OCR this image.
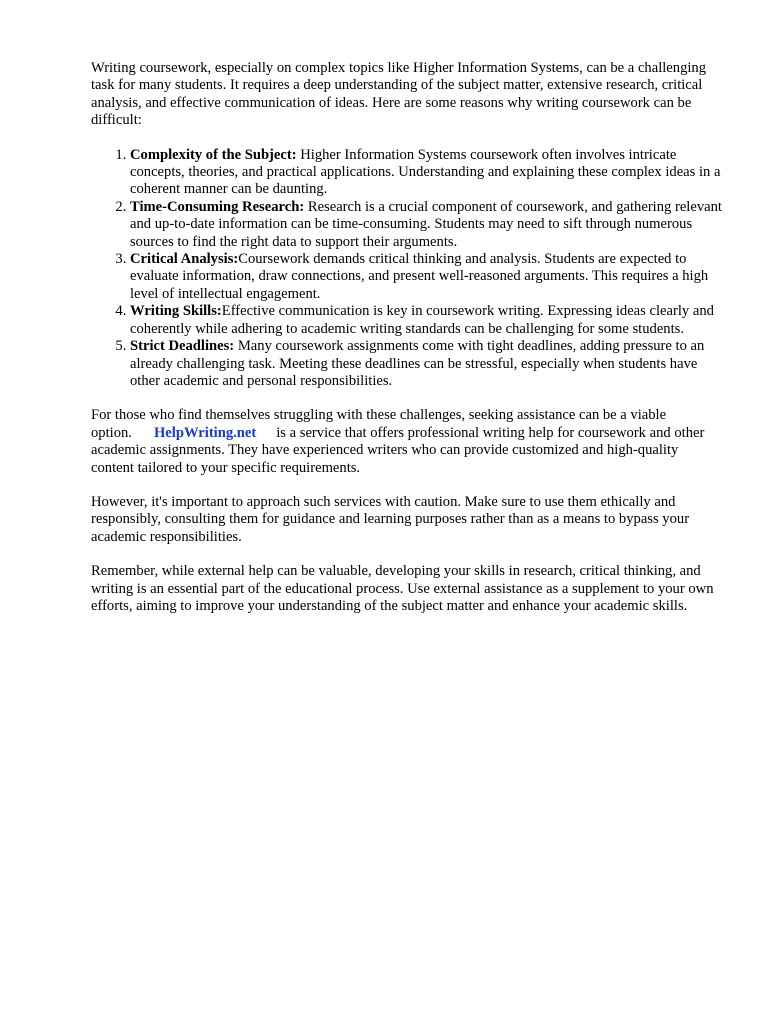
Writing coursework, especially on complex topics like Higher Information Systems, can be a challenging task for many students. It requires a deep understanding of the subject matter, extensive research, critical analysis, and effective communication of ideas. Here are some reasons why writing coursework can be difficult:

1. Complexity of the Subject: Higher Information Systems coursework often involves intricate concepts, theories, and practical applications. Understanding and explaining these complex ideas in a coherent manner can be daunting.
2. Time-Consuming Research: Research is a crucial component of coursework, and gathering relevant and up-to-date information can be time-consuming. Students may need to sift through numerous sources to find the right data to support their arguments.
3. Critical Analysis:Coursework demands critical thinking and analysis. Students are expected to evaluate information, draw connections, and present well-reasoned arguments. This requires a high level of intellectual engagement.
4. Writing Skills:Effective communication is key in coursework writing. Expressing ideas clearly and coherently while adhering to academic writing standards can be challenging for some students.
5. Strict Deadlines: Many coursework assignments come with tight deadlines, adding pressure to an already challenging task. Meeting these deadlines can be stressful, especially when students have other academic and personal responsibilities.

For those who find themselves struggling with these challenges, seeking assistance can be a viable option. HelpWriting.net is a service that offers professional writing help for coursework and other academic assignments. They have experienced writers who can provide customized and high-quality content tailored to your specific requirements.

However, it's important to approach such services with caution. Make sure to use them ethically and responsibly, consulting them for guidance and learning purposes rather than as a means to bypass your academic responsibilities.

Remember, while external help can be valuable, developing your skills in research, critical thinking, and writing is an essential part of the educational process. Use external assistance as a supplement to your own efforts, aiming to improve your understanding of the subject matter and enhance your academic skills.
